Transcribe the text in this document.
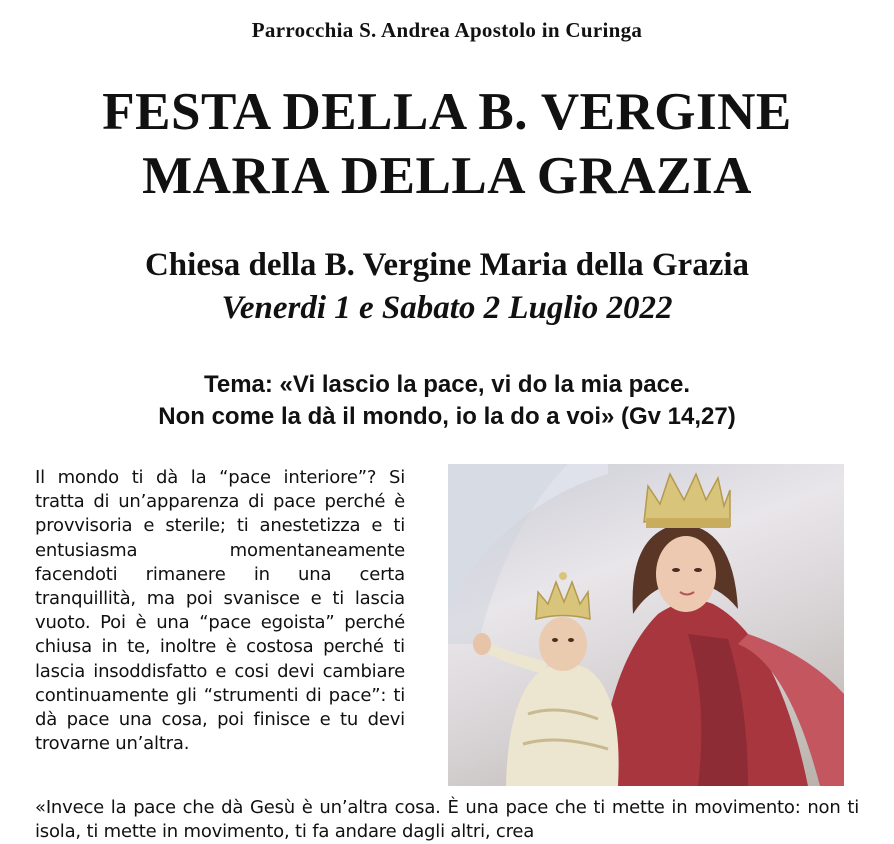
Parrocchia S. Andrea Apostolo in Curinga
FESTA DELLA B. VERGINE
MARIA DELLA GRAZIA
Chiesa della B. Vergine Maria della Grazia
Venerdi 1 e Sabato 2 Luglio 2022
Tema: «Vi lascio la pace, vi do la mia pace.
Non come la dà il mondo, io la do a voi» (Gv 14,27)
Il mondo ti dà la “pace interiore”? Si tratta di un’apparenza di pace perché è provvisoria e sterile; ti anestetizza e ti entusiasma momentaneamente facendoti rimanere in una certa tranquillità, ma poi svanisce e ti lascia vuoto. Poi è una “pace egoista” perché chiusa in te, inoltre è costosa perché ti lascia insoddisfatto e cosi devi cambiare continuamente gli “strumenti di pace”: ti dà pace una cosa, poi finisce e tu devi trovarne un’altra.
«Invece la pace che dà Gesù è un’altra cosa. È una pace che ti mette in movimento: non ti isola, ti mette in movimento, ti fa andare dagli altri, crea
